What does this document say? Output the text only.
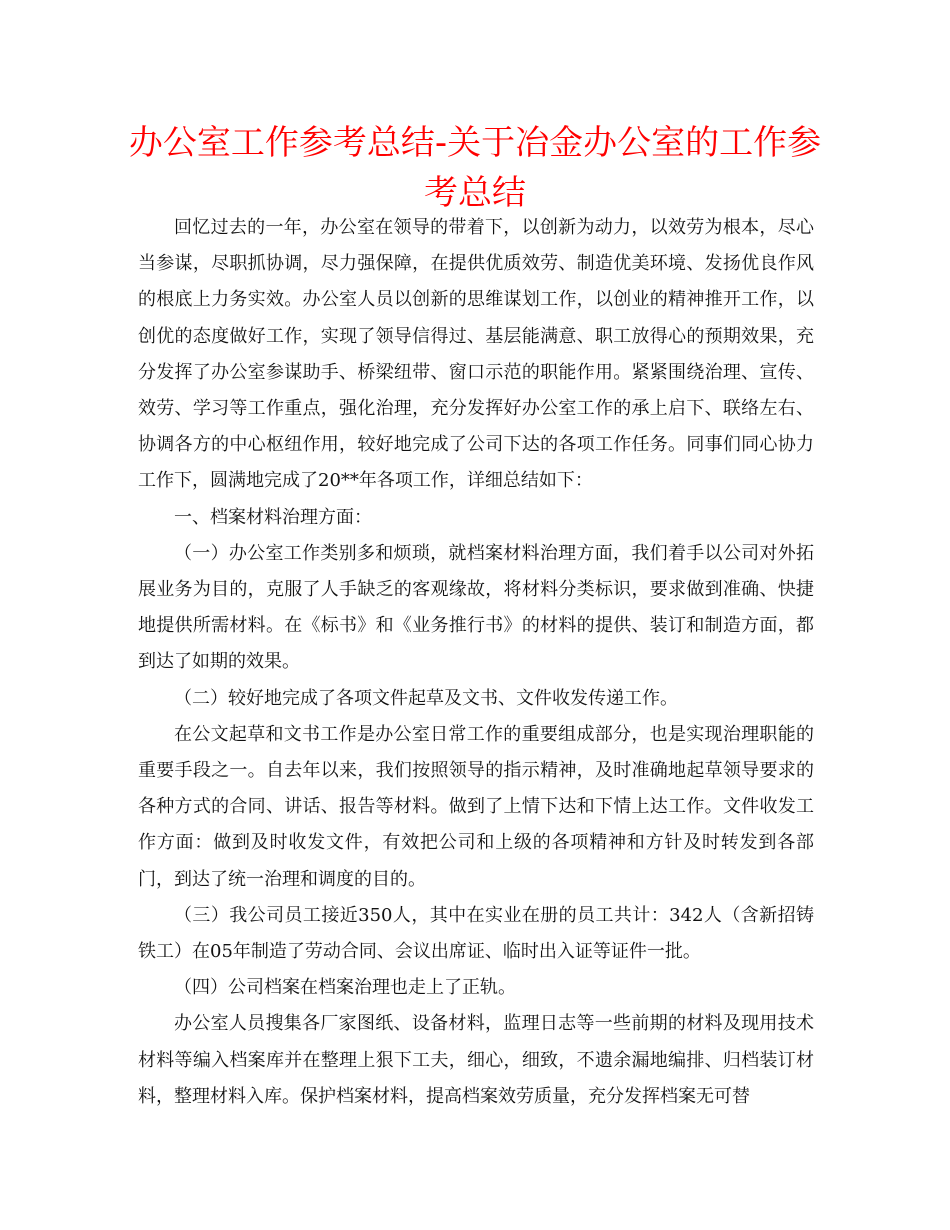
办公室工作参考总结-关于冶金办公室的工作参考总结

回忆过去的一年，办公室在领导的带着下，以创新为动力，以效劳为根本，尽心当参谋，尽职抓协调，尽力强保障，在提供优质效劳、制造优美环境、发扬优良作风的根底上力务实效。办公室人员以创新的思维谋划工作，以创业的精神推开工作，以创优的态度做好工作，实现了领导信得过、基层能满意、职工放得心的预期效果，充分发挥了办公室参谋助手、桥梁纽带、窗口示范的职能作用。紧紧围绕治理、宣传、效劳、学习等工作重点，强化治理，充分发挥好办公室工作的承上启下、联络左右、协调各方的中心枢纽作用，较好地完成了公司下达的各项工作任务。同事们同心协力工作下，圆满地完成了20**年各项工作，详细总结如下：

一、档案材料治理方面：

（一）办公室工作类别多和烦琐，就档案材料治理方面，我们着手以公司对外拓展业务为目的，克服了人手缺乏的客观缘故，将材料分类标识，要求做到准确、快捷地提供所需材料。在《标书》和《业务推行书》的材料的提供、装订和制造方面，都到达了如期的效果。

（二）较好地完成了各项文件起草及文书、文件收发传递工作。

在公文起草和文书工作是办公室日常工作的重要组成部分，也是实现治理职能的重要手段之一。自去年以来，我们按照领导的指示精神，及时准确地起草领导要求的各种方式的合同、讲话、报告等材料。做到了上情下达和下情上达工作。文件收发工作方面：做到及时收发文件，有效把公司和上级的各项精神和方针及时转发到各部门，到达了统一治理和调度的目的。

（三）我公司员工接近350人，其中在实业在册的员工共计：342人（含新招铸铁工）在05年制造了劳动合同、会议出席证、临时出入证等证件一批。

（四）公司档案在档案治理也走上了正轨。

办公室人员搜集各厂家图纸、设备材料，监理日志等一些前期的材料及现用技术材料等编入档案库并在整理上狠下工夫，细心，细致，不遗余漏地编排、归档装订材料，整理材料入库。保护档案材料，提高档案效劳质量，充分发挥档案无可替
